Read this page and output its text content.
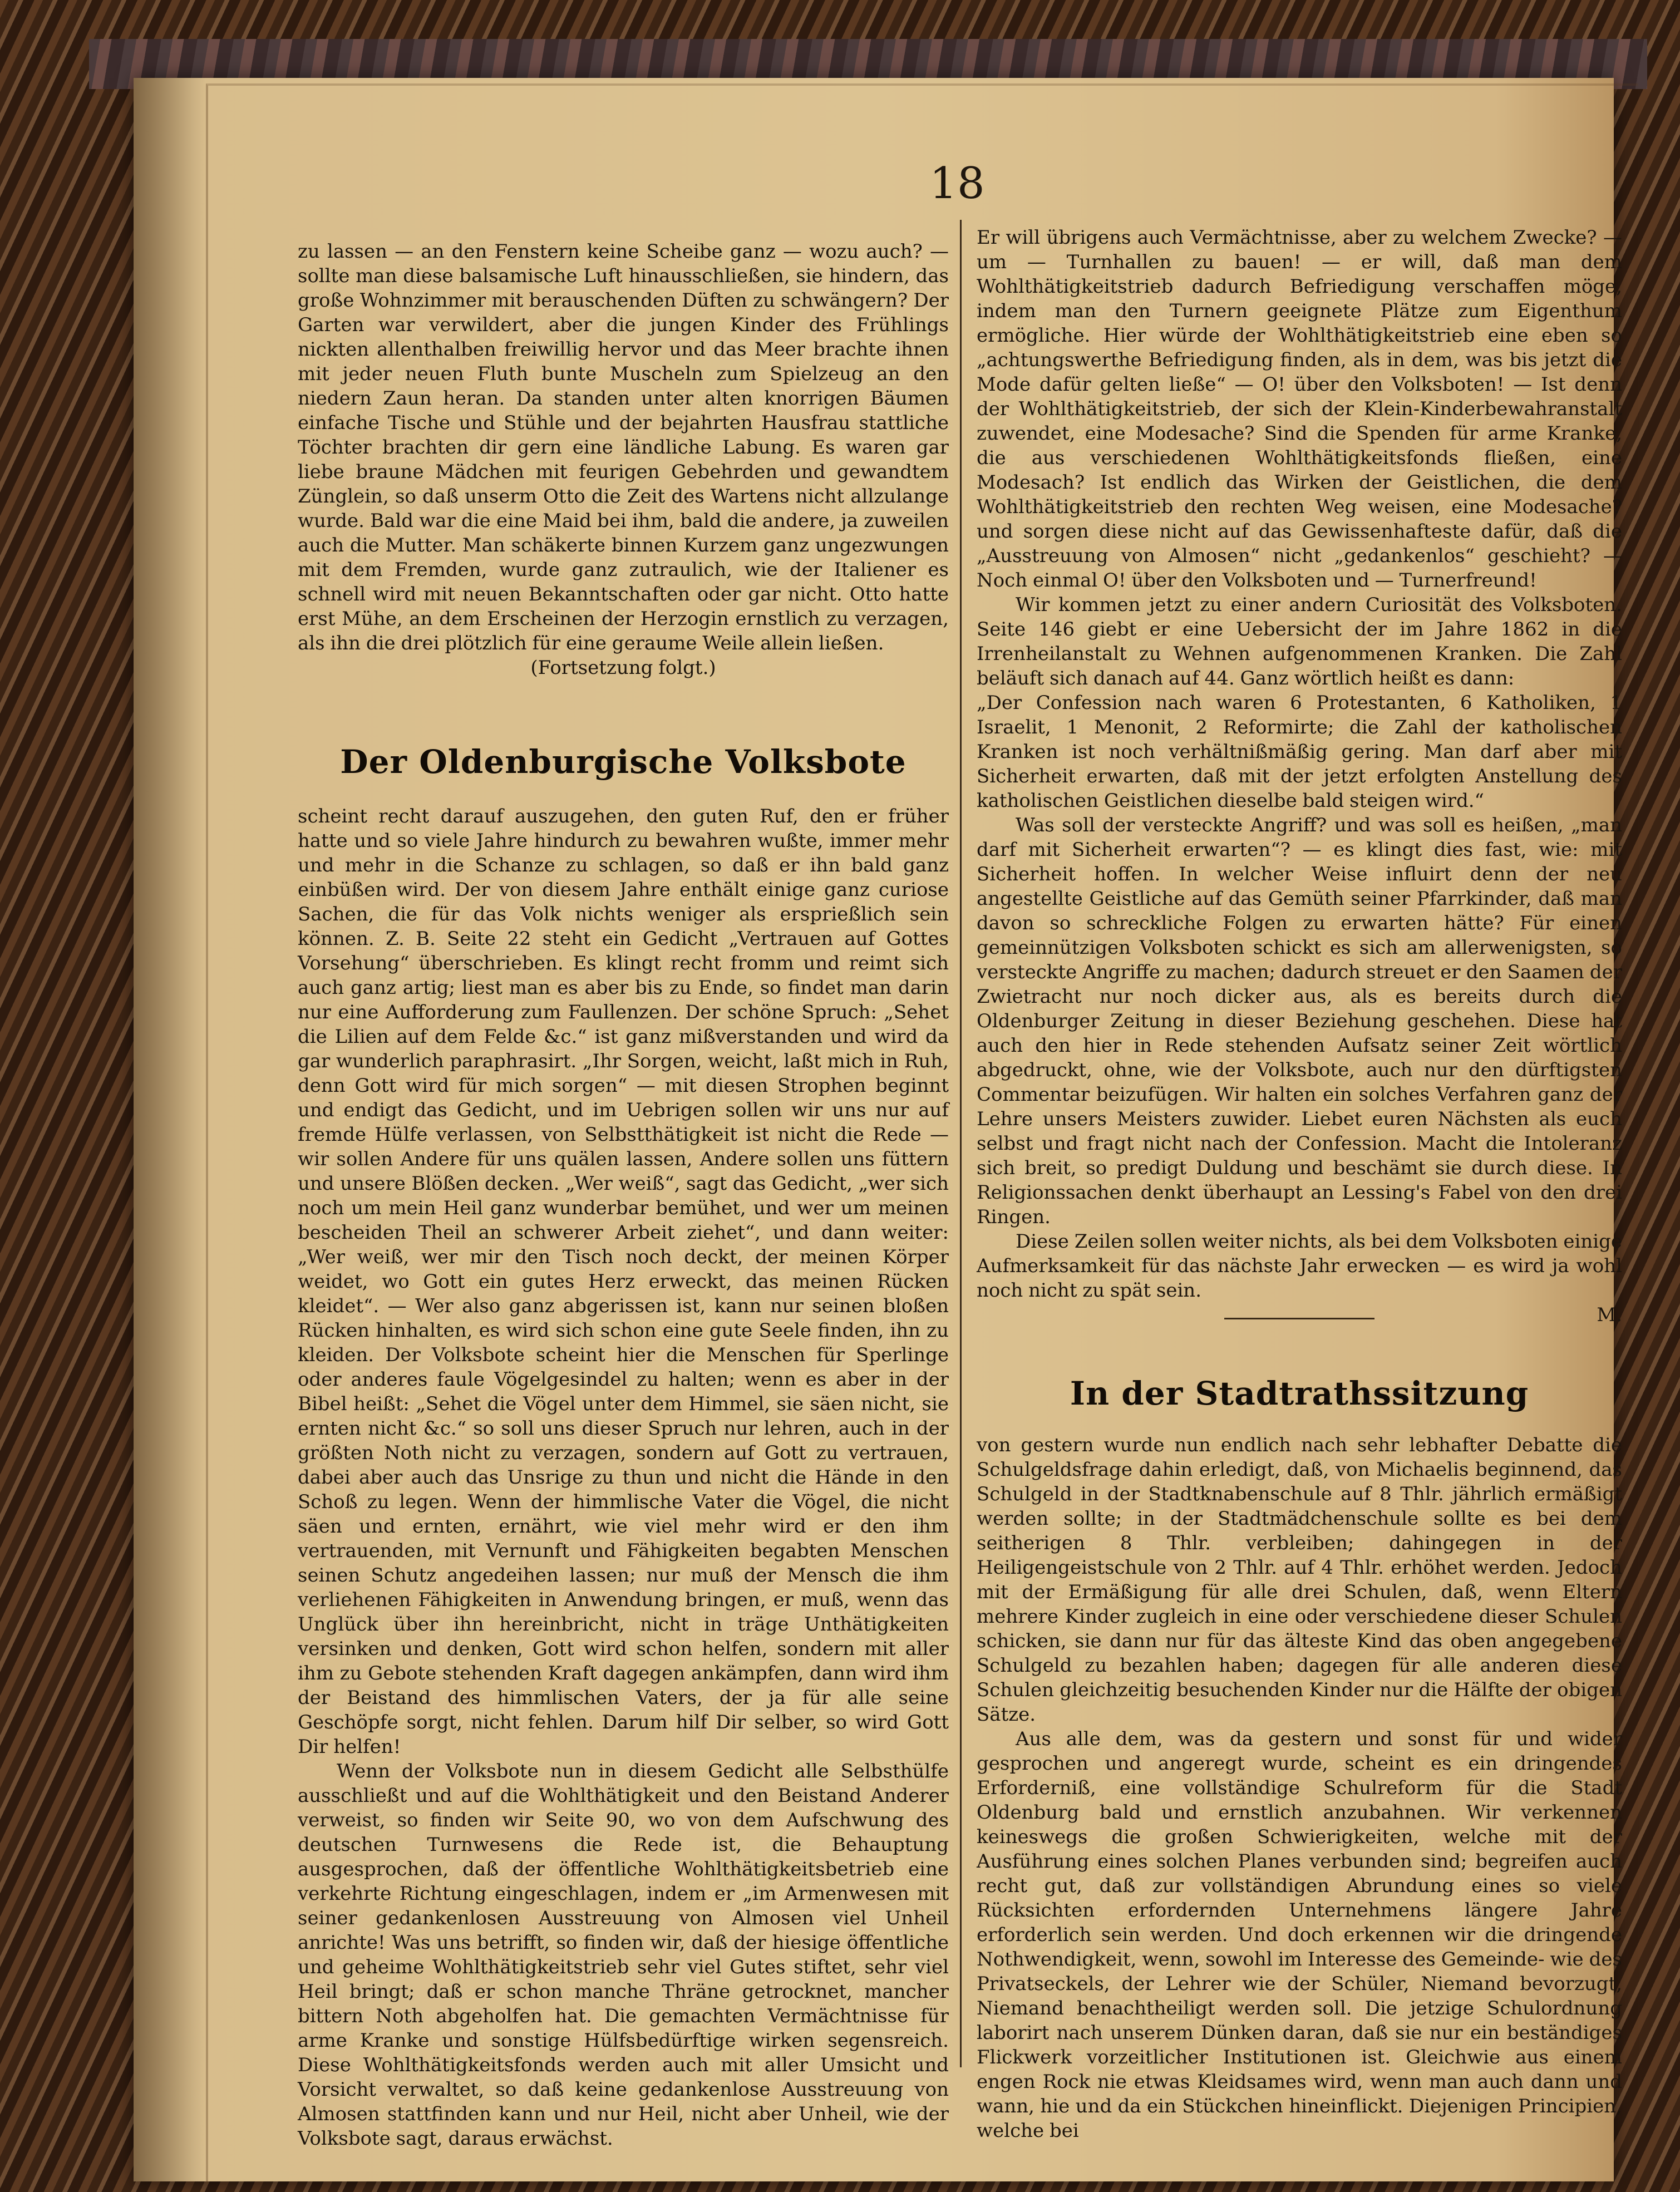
18

zu lassen — an den Fenstern keine Scheibe ganz — wozu auch? — sollte man diese balsamische Luft hinausschließen, sie hindern, das große Wohnzimmer mit berauschenden Düften zu schwängern? Der Garten war verwildert, aber die jungen Kinder des Frühlings nickten allenthalben freiwillig hervor und das Meer brachte ihnen mit jeder neuen Fluth bunte Muscheln zum Spielzeug an den niedern Zaun heran. Da standen unter alten knorrigen Bäumen einfache Tische und Stühle und der bejahrten Hausfrau stattliche Töchter brachten dir gern eine ländliche Labung. Es waren gar liebe braune Mädchen mit feurigen Gebehrden und gewandtem Zünglein, so daß unserm Otto die Zeit des Wartens nicht allzulange wurde. Bald war die eine Maid bei ihm, bald die andere, ja zuweilen auch die Mutter. Man schäkerte binnen Kurzem ganz ungezwungen mit dem Fremden, wurde ganz zutraulich, wie der Italiener es schnell wird mit neuen Bekanntschaften oder gar nicht. Otto hatte erst Mühe, an dem Erscheinen der Herzogin ernstlich zu verzagen, als ihn die drei plötzlich für eine geraume Weile allein ließen.

(Fortsetzung folgt.)

Der Oldenburgische Volksbote

scheint recht darauf auszugehen, den guten Ruf, den er früher hatte und so viele Jahre hindurch zu bewahren wußte, immer mehr und mehr in die Schanze zu schlagen, so daß er ihn bald ganz einbüßen wird. Der von diesem Jahre enthält einige ganz curiose Sachen, die für das Volk nichts weniger als ersprießlich sein können. Z. B. Seite 22 steht ein Gedicht „Vertrauen auf Gottes Vorsehung“ überschrieben. Es klingt recht fromm und reimt sich auch ganz artig; liest man es aber bis zu Ende, so findet man darin nur eine Aufforderung zum Faullenzen. Der schöne Spruch: „Sehet die Lilien auf dem Felde &c.“ ist ganz mißverstanden und wird da gar wunderlich paraphrasirt. „Ihr Sorgen, weicht, laßt mich in Ruh, denn Gott wird für mich sorgen“ — mit diesen Strophen beginnt und endigt das Gedicht, und im Uebrigen sollen wir uns nur auf fremde Hülfe verlassen, von Selbstthätigkeit ist nicht die Rede — wir sollen Andere für uns quälen lassen, Andere sollen uns füttern und unsere Blößen decken. „Wer weiß“, sagt das Gedicht, „wer sich noch um mein Heil ganz wunderbar bemühet, und wer um meinen bescheiden Theil an schwerer Arbeit ziehet“, und dann weiter: „Wer weiß, wer mir den Tisch noch deckt, der meinen Körper weidet, wo Gott ein gutes Herz erweckt, das meinen Rücken kleidet“. — Wer also ganz abgerissen ist, kann nur seinen bloßen Rücken hinhalten, es wird sich schon eine gute Seele finden, ihn zu kleiden. Der Volksbote scheint hier die Menschen für Sperlinge oder anderes faule Vögelgesindel zu halten; wenn es aber in der Bibel heißt: „Sehet die Vögel unter dem Himmel, sie säen nicht, sie ernten nicht &c.“ so soll uns dieser Spruch nur lehren, auch in der größten Noth nicht zu verzagen, sondern auf Gott zu vertrauen, dabei aber auch das Unsrige zu thun und nicht die Hände in den Schoß zu legen. Wenn der himmlische Vater die Vögel, die nicht säen und ernten, ernährt, wie viel mehr wird er den ihm vertrauenden, mit Vernunft und Fähigkeiten begabten Menschen seinen Schutz angedeihen lassen; nur muß der Mensch die ihm verliehenen Fähigkeiten in Anwendung bringen, er muß, wenn das Unglück über ihn hereinbricht, nicht in träge Unthätigkeiten versinken und denken, Gott wird schon helfen, sondern mit aller ihm zu Gebote stehenden Kraft dagegen ankämpfen, dann wird ihm der Beistand des himmlischen Vaters, der ja für alle seine Geschöpfe sorgt, nicht fehlen. Darum hilf Dir selber, so wird Gott Dir helfen!

Wenn der Volksbote nun in diesem Gedicht alle Selbsthülfe ausschließt und auf die Wohlthätigkeit und den Beistand Anderer verweist, so finden wir Seite 90, wo von dem Aufschwung des deutschen Turnwesens die Rede ist, die Behauptung ausgesprochen, daß der öffentliche Wohlthätigkeitsbetrieb eine verkehrte Richtung eingeschlagen, indem er „im Armenwesen mit seiner gedankenlosen Ausstreuung von Almosen viel Unheil anrichte! Was uns betrifft, so finden wir, daß der hiesige öffentliche und geheime Wohlthätigkeitstrieb sehr viel Gutes stiftet, sehr viel Heil bringt; daß er schon manche Thräne getrocknet, mancher bittern Noth abgeholfen hat. Die gemachten Vermächtnisse für arme Kranke und sonstige Hülfsbedürftige wirken segensreich. Diese Wohlthätigkeitsfonds werden auch mit aller Umsicht und Vorsicht verwaltet, so daß keine gedankenlose Ausstreuung von Almosen stattfinden kann und nur Heil, nicht aber Unheil, wie der Volksbote sagt, daraus erwächst.

Er will übrigens auch Vermächtnisse, aber zu welchem Zwecke? — um — Turnhallen zu bauen! — er will, daß man dem Wohlthätigkeitstrieb dadurch Befriedigung verschaffen möge, indem man den Turnern geeignete Plätze zum Eigenthum ermögliche. Hier würde der Wohlthätigkeitstrieb eine eben so „achtungswerthe Befriedigung finden, als in dem, was bis jetzt die Mode dafür gelten ließe“ — O! über den Volksboten! — Ist denn der Wohlthätigkeitstrieb, der sich der Klein-Kinderbewahranstalt zuwendet, eine Modesache? Sind die Spenden für arme Kranke, die aus verschiedenen Wohlthätigkeitsfonds fließen, eine Modesach? Ist endlich das Wirken der Geistlichen, die dem Wohlthätigkeitstrieb den rechten Weg weisen, eine Modesache? und sorgen diese nicht auf das Gewissenhafteste dafür, daß die „Ausstreuung von Almosen“ nicht „gedankenlos“ geschieht? — Noch einmal O! über den Volksboten und — Turnerfreund!

Wir kommen jetzt zu einer andern Curiosität des Volksboten. Seite 146 giebt er eine Uebersicht der im Jahre 1862 in die Irrenheilanstalt zu Wehnen aufgenommenen Kranken. Die Zahl beläuft sich danach auf 44. Ganz wörtlich heißt es dann:

„Der Confession nach waren 6 Protestanten, 6 Katholiken, 1 Israelit, 1 Menonit, 2 Reformirte; die Zahl der katholischen Kranken ist noch verhältnißmäßig gering. Man darf aber mit Sicherheit erwarten, daß mit der jetzt erfolgten Anstellung des katholischen Geistlichen dieselbe bald steigen wird.“

Was soll der versteckte Angriff? und was soll es heißen, „man darf mit Sicherheit erwarten“? — es klingt dies fast, wie: mit Sicherheit hoffen. In welcher Weise influirt denn der neu angestellte Geistliche auf das Gemüth seiner Pfarrkinder, daß man davon so schreckliche Folgen zu erwarten hätte? Für einen gemeinnützigen Volksboten schickt es sich am allerwenigsten, so versteckte Angriffe zu machen; dadurch streuet er den Saamen der Zwietracht nur noch dicker aus, als es bereits durch die Oldenburger Zeitung in dieser Beziehung geschehen. Diese hat auch den hier in Rede stehenden Aufsatz seiner Zeit wörtlich abgedruckt, ohne, wie der Volksbote, auch nur den dürftigsten Commentar beizufügen. Wir halten ein solches Verfahren ganz der Lehre unsers Meisters zuwider. Liebet euren Nächsten als euch selbst und fragt nicht nach der Confession. Macht die Intoleranz sich breit, so predigt Duldung und beschämt sie durch diese. In Religionssachen denkt überhaupt an Lessing's Fabel von den drei Ringen.

Diese Zeilen sollen weiter nichts, als bei dem Volksboten einige Aufmerksamkeit für das nächste Jahr erwecken — es wird ja wohl noch nicht zu spät sein.

M.

In der Stadtrathssitzung

von gestern wurde nun endlich nach sehr lebhafter Debatte die Schulgeldsfrage dahin erledigt, daß, von Michaelis beginnend, das Schulgeld in der Stadtknabenschule auf 8 Thlr. jährlich ermäßigt werden sollte; in der Stadtmädchenschule sollte es bei dem seitherigen 8 Thlr. verbleiben; dahingegen in der Heiligengeistschule von 2 Thlr. auf 4 Thlr. erhöhet werden. Jedoch mit der Ermäßigung für alle drei Schulen, daß, wenn Eltern mehrere Kinder zugleich in eine oder verschiedene dieser Schulen schicken, sie dann nur für das älteste Kind das oben angegebene Schulgeld zu bezahlen haben; dagegen für alle anderen diese Schulen gleichzeitig besuchenden Kinder nur die Hälfte der obigen Sätze.

Aus alle dem, was da gestern und sonst für und wider gesprochen und angeregt wurde, scheint es ein dringendes Erforderniß, eine vollständige Schulreform für die Stadt Oldenburg bald und ernstlich anzubahnen. Wir verkennen keineswegs die großen Schwierigkeiten, welche mit der Ausführung eines solchen Planes verbunden sind; begreifen auch recht gut, daß zur vollständigen Abrundung eines so viele Rücksichten erfordernden Unternehmens längere Jahre erforderlich sein werden. Und doch erkennen wir die dringende Nothwendigkeit, wenn, sowohl im Interesse des Gemeinde- wie des Privatseckels, der Lehrer wie der Schüler, Niemand bevorzugt, Niemand benachtheiligt werden soll. Die jetzige Schulordnung laborirt nach unserem Dünken daran, daß sie nur ein beständiges Flickwerk vorzeitlicher Institutionen ist. Gleichwie aus einem engen Rock nie etwas Kleidsames wird, wenn man auch dann und wann, hie und da ein Stückchen hineinflickt. Diejenigen Principien, welche bei
